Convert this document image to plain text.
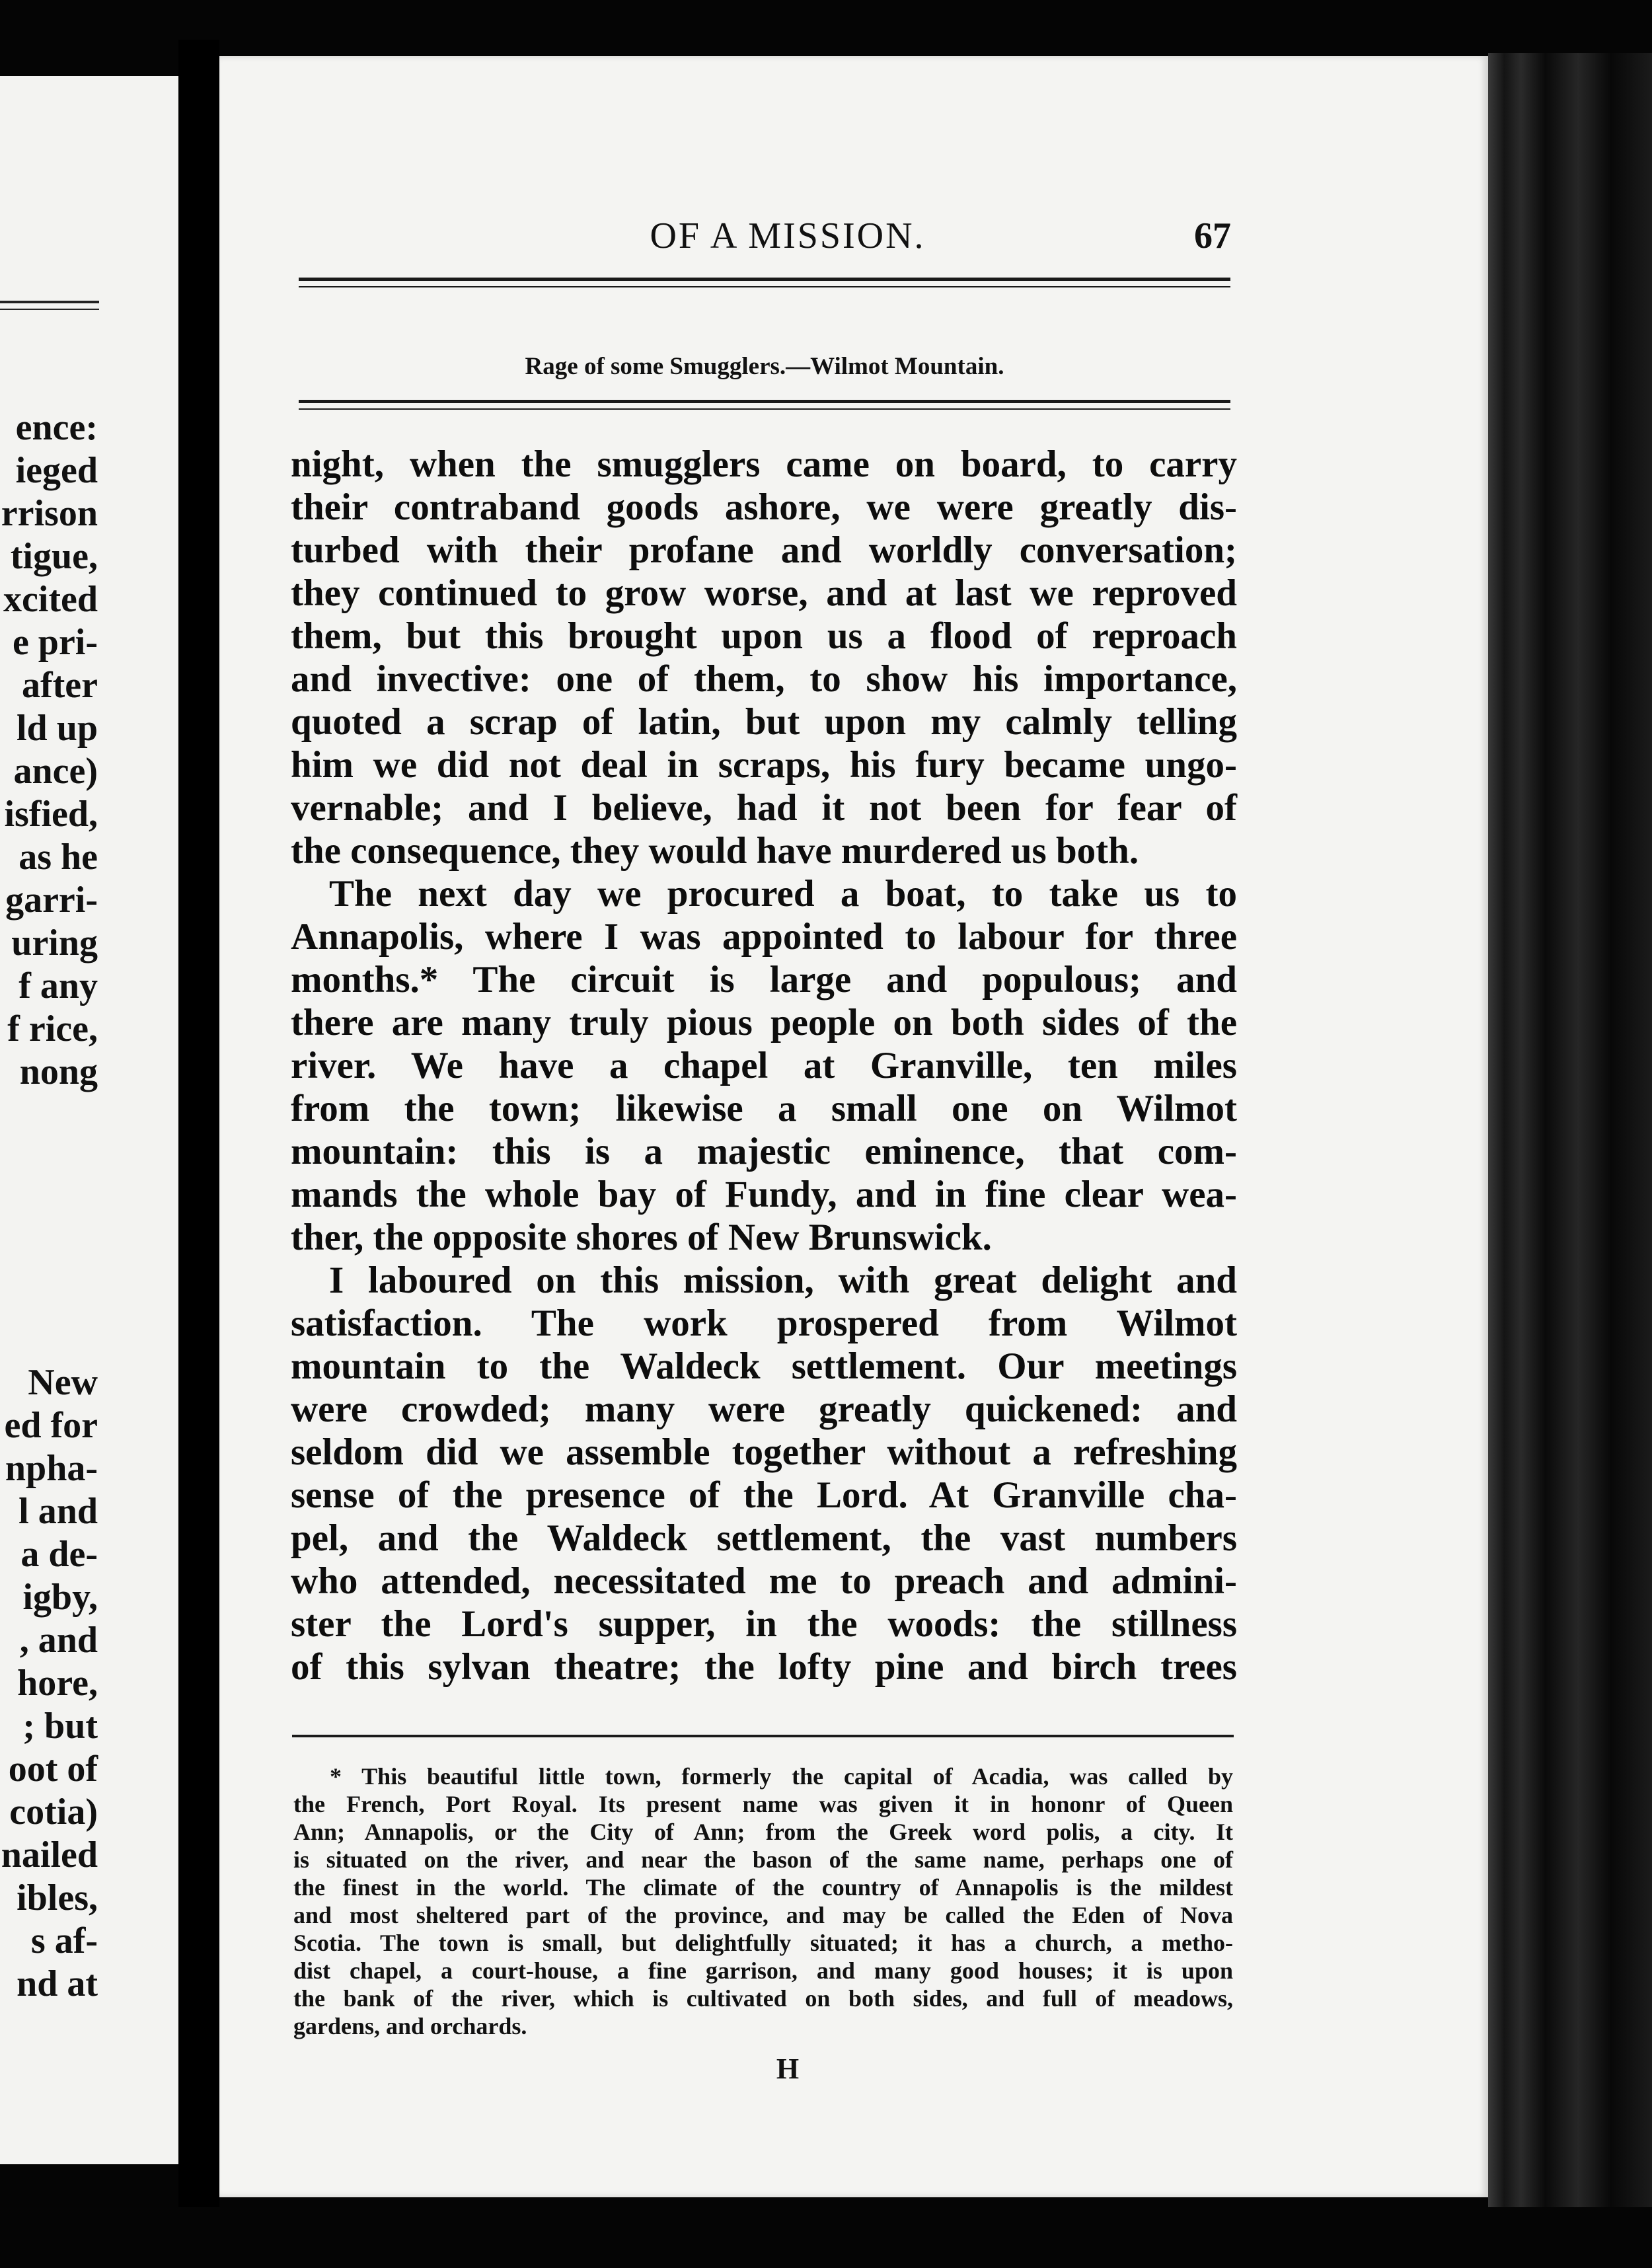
ence:
ieged
rrison
tigue,
xcited
e pri-
after
ld up
ance)
isfied,
as he
garri-
uring
f any
f rice,
nong
New
ed for
npha-
l and
a de-
igby,
, and
hore,
; but
oot of
cotia)
nailed
ibles,
s af-
nd at
OF A MISSION.	67
Rage of some Smugglers.—Wilmot Mountain.
night, when the smugglers came on board, to carry
their contraband goods ashore, we were greatly dis-
turbed with their profane and worldly conversation;
they continued to grow worse, and at last we reproved
them, but this brought upon us a flood of reproach
and invective: one of them, to show his importance,
quoted a scrap of latin, but upon my calmly telling
him we did not deal in scraps, his fury became ungo-
vernable; and I believe, had it not been for fear of
the consequence, they would have murdered us both.
The next day we procured a boat, to take us to
Annapolis, where I was appointed to labour for three
months.* The circuit is large and populous; and
there are many truly pious people on both sides of the
river. We have a chapel at Granville, ten miles
from the town; likewise a small one on Wilmot
mountain: this is a majestic eminence, that com-
mands the whole bay of Fundy, and in fine clear wea-
ther, the opposite shores of New Brunswick.
I laboured on this mission, with great delight and
satisfaction. The work prospered from Wilmot
mountain to the Waldeck settlement. Our meetings
were crowded; many were greatly quickened: and
seldom did we assemble together without a refreshing
sense of the presence of the Lord. At Granville cha-
pel, and the Waldeck settlement, the vast numbers
who attended, necessitated me to preach and admini-
ster the Lord's supper, in the woods: the stillness
of this sylvan theatre; the lofty pine and birch trees
* This beautiful little town, formerly the capital of Acadia, was called by
the French, Port Royal. Its present name was given it in hononr of Queen
Ann; Annapolis, or the City of Ann; from the Greek word polis, a city. It
is situated on the river, and near the bason of the same name, perhaps one of
the finest in the world. The climate of the country of Annapolis is the mildest
and most sheltered part of the province, and may be called the Eden of Nova
Scotia. The town is small, but delightfully situated; it has a church, a metho-
dist chapel, a court-house, a fine garrison, and many good houses; it is upon
the bank of the river, which is cultivated on both sides, and full of meadows,
gardens, and orchards.
H
